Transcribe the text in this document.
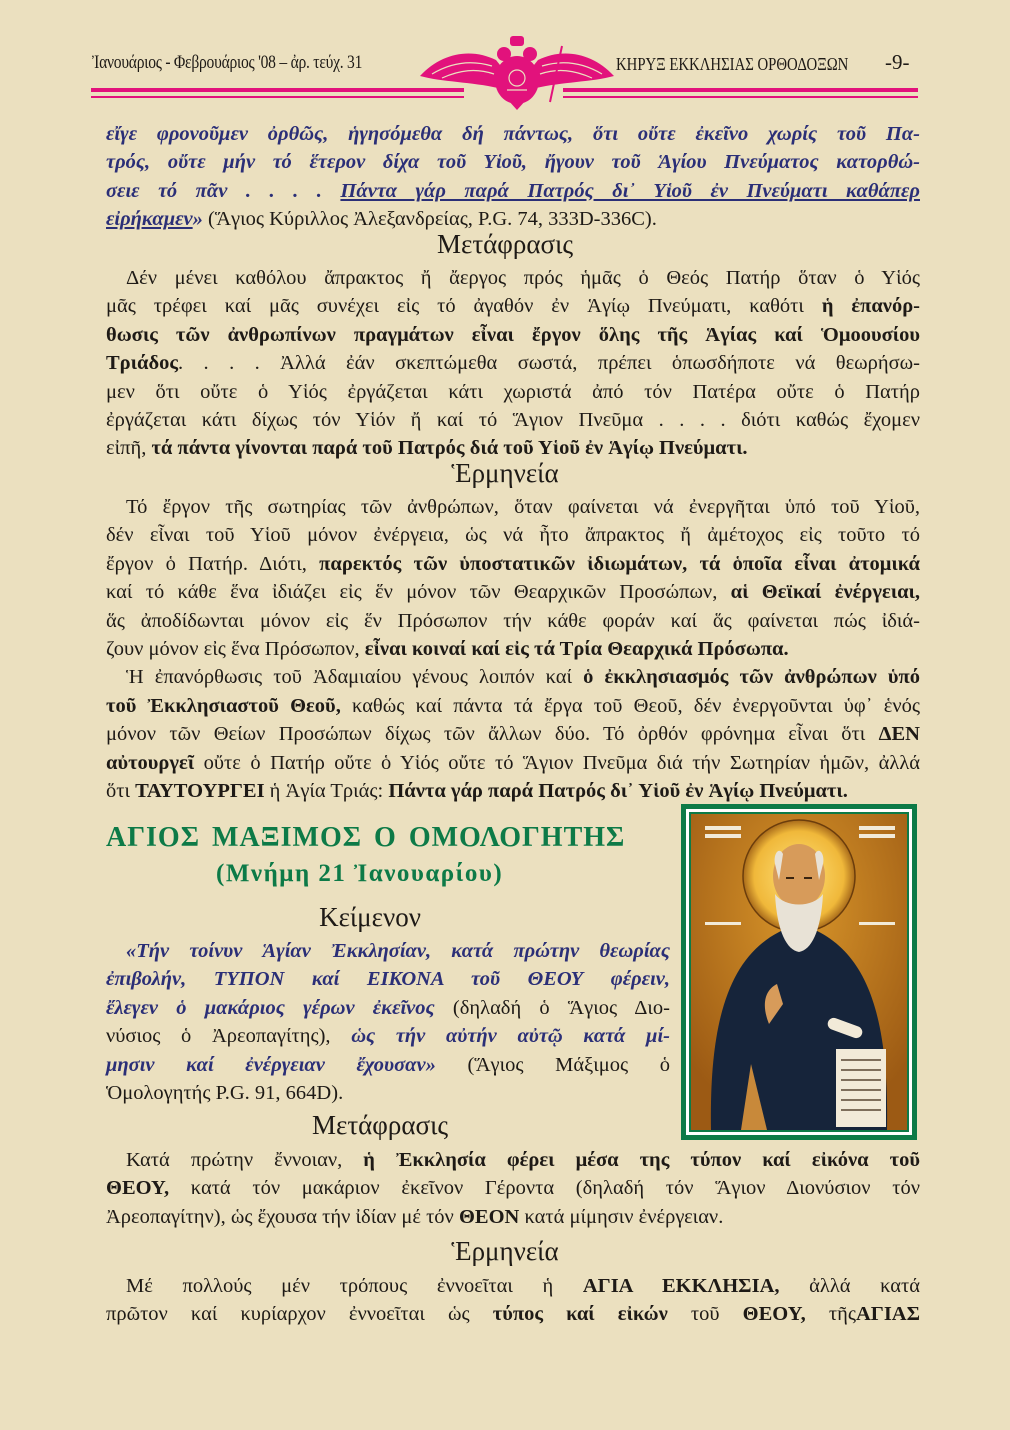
Ἰανουάριος - Φεβρουάριος '08 – ἀρ. τεύχ. 31	ΚΗΡΥΞ ΕΚΚΛΗΣΙΑΣ ΟΡΘΟΔΟΞΩΝ -9-
εἴγε φρονοῦμεν ὀρθῶς, ἡγησόμεθα δή πάντως, ὅτι οὔτε ἐκεῖνο χωρίς τοῦ Πα-
τρός, οὔτε μήν τό ἕτερον δίχα τοῦ Υἱοῦ, ἤγουν τοῦ Ἁγίου Πνεύματος κατορθώ-
σειε τό πᾶν . . . . Πάντα γάρ παρά Πατρός δι᾽ Υἱοῦ ἐν Πνεύματι καθάπερ
εἰρήκαμεν» (Ἅγιος Κύριλλος Ἀλεξανδρείας, P.G. 74, 333D-336C).
Μετάφρασις
Δέν μένει καθόλου ἄπρακτος ἤ ἄεργος πρός ἡμᾶς ὁ Θεός Πατήρ ὅταν ὁ Υἱός
μᾶς τρέφει καί μᾶς συνέχει εἰς τό ἀγαθόν ἐν Ἁγίῳ Πνεύματι, καθότι ἡ ἐπανόρ-
θωσις τῶν ἀνθρωπίνων πραγμάτων εἶναι ἔργον ὅλης τῆς Ἁγίας καί Ὁμοουσίου
Τριάδος. . . . Ἀλλά ἐάν σκεπτώμεθα σωστά, πρέπει ὁπωσδήποτε νά θεωρήσω-
μεν ὅτι οὔτε ὁ Υἱός ἐργάζεται κάτι χωριστά ἀπό τόν Πατέρα οὔτε ὁ Πατήρ
ἐργάζεται κάτι δίχως τόν Υἱόν ἤ καί τό Ἅγιον Πνεῦμα . . . . διότι καθώς ἔχομεν
εἰπῆ, τά πάντα γίνονται παρά τοῦ Πατρός διά τοῦ Υἱοῦ ἐν Ἁγίῳ Πνεύματι.
Ἑρμηνεία
Τό ἔργον τῆς σωτηρίας τῶν ἀνθρώπων, ὅταν φαίνεται νά ἐνεργῆται ὑπό τοῦ Υἱοῦ,
δέν εἶναι τοῦ Υἱοῦ μόνον ἐνέργεια, ὡς νά ἦτο ἄπρακτος ἤ ἀμέτοχος εἰς τοῦτο τό
ἔργον ὁ Πατήρ. Διότι, παρεκτός τῶν ὑποστατικῶν ἰδιωμάτων, τά ὁποῖα εἶναι ἀτομικά
καί τό κάθε ἕνα ἰδιάζει εἰς ἕν μόνον τῶν Θεαρχικῶν Προσώπων, αἱ Θεϊκαί ἐνέργειαι,
ἅς ἀποδίδωνται μόνον εἰς ἕν Πρόσωπον τήν κάθε φοράν καί ἅς φαίνεται πώς ἰδιά-
ζουν μόνον εἰς ἕνα Πρόσωπον, εἶναι κοιναί καί εἰς τά Τρία Θεαρχικά Πρόσωπα.
Ἡ ἐπανόρθωσις τοῦ Ἀδαμιαίου γένους λοιπόν καί ὁ ἐκκλησιασμός τῶν ἀνθρώπων ὑπό
τοῦ Ἐκκλησιαστοῦ Θεοῦ, καθώς καί πάντα τά ἔργα τοῦ Θεοῦ, δέν ἐνεργοῦνται ὑφ᾽ ἑνός
μόνον τῶν Θείων Προσώπων δίχως τῶν ἄλλων δύο. Τό ὀρθόν φρόνημα εἶναι ὅτι ΔΕΝ
αὐτουργεῖ οὔτε ὁ Πατήρ οὔτε ὁ Υἱός οὔτε τό Ἅγιον Πνεῦμα διά τήν Σωτηρίαν ἡμῶν, ἀλλά
ὅτι ΤΑΥΤΟΥΡΓΕΙ ἡ Ἁγία Τριάς: Πάντα γάρ παρά Πατρός δι᾽ Υἱοῦ ἐν Ἁγίῳ Πνεύματι.
ΑΓΙΟΣ ΜΑΞΙΜΟΣ Ο ΟΜΟΛΟΓΗΤΗΣ
(Μνήμη 21 Ἰανουαρίου)
Κείμενον
«Τήν τοίνυν Ἁγίαν Ἐκκλησίαν, κατά πρώτην θεωρίας
ἐπιβολήν, ΤΥΠΟΝ καί ΕΙΚΟΝΑ τοῦ ΘΕΟΥ φέρειν,
ἔλεγεν ὁ μακάριος γέρων ἐκεῖνος (δηλαδή ὁ Ἅγιος Διο-
νύσιος ὁ Ἀρεοπαγίτης), ὡς τήν αὐτήν αὐτῷ κατά μί-
μησιν καί ἐνέργειαν ἔχουσαν» (Ἅγιος Μάξιμος ὁ
Ὁμολογητής P.G. 91, 664D).
Μετάφρασις
Κατά πρώτην ἔννοιαν, ἡ Ἐκκλησία φέρει μέσα της τύπον καί εἰκόνα τοῦ
ΘΕΟΥ, κατά τόν μακάριον ἐκεῖνον Γέροντα (δηλαδή τόν Ἅγιον Διονύσιον τόν
Ἀρεοπαγίτην), ὡς ἔχουσα τήν ἰδίαν μέ τόν ΘΕΟΝ κατά μίμησιν ἐνέργειαν.
Ἑρμηνεία
Μέ πολλούς μέν τρόπους ἐννοεῖται ἡ ΑΓΙΑ ΕΚΚΛΗΣΙΑ, ἀλλά κατά
πρῶτον καί κυρίαρχον ἐννοεῖται ὡς τύπος καί εἰκών τοῦ ΘΕΟΥ, τῆςΑΓΙΑΣ
